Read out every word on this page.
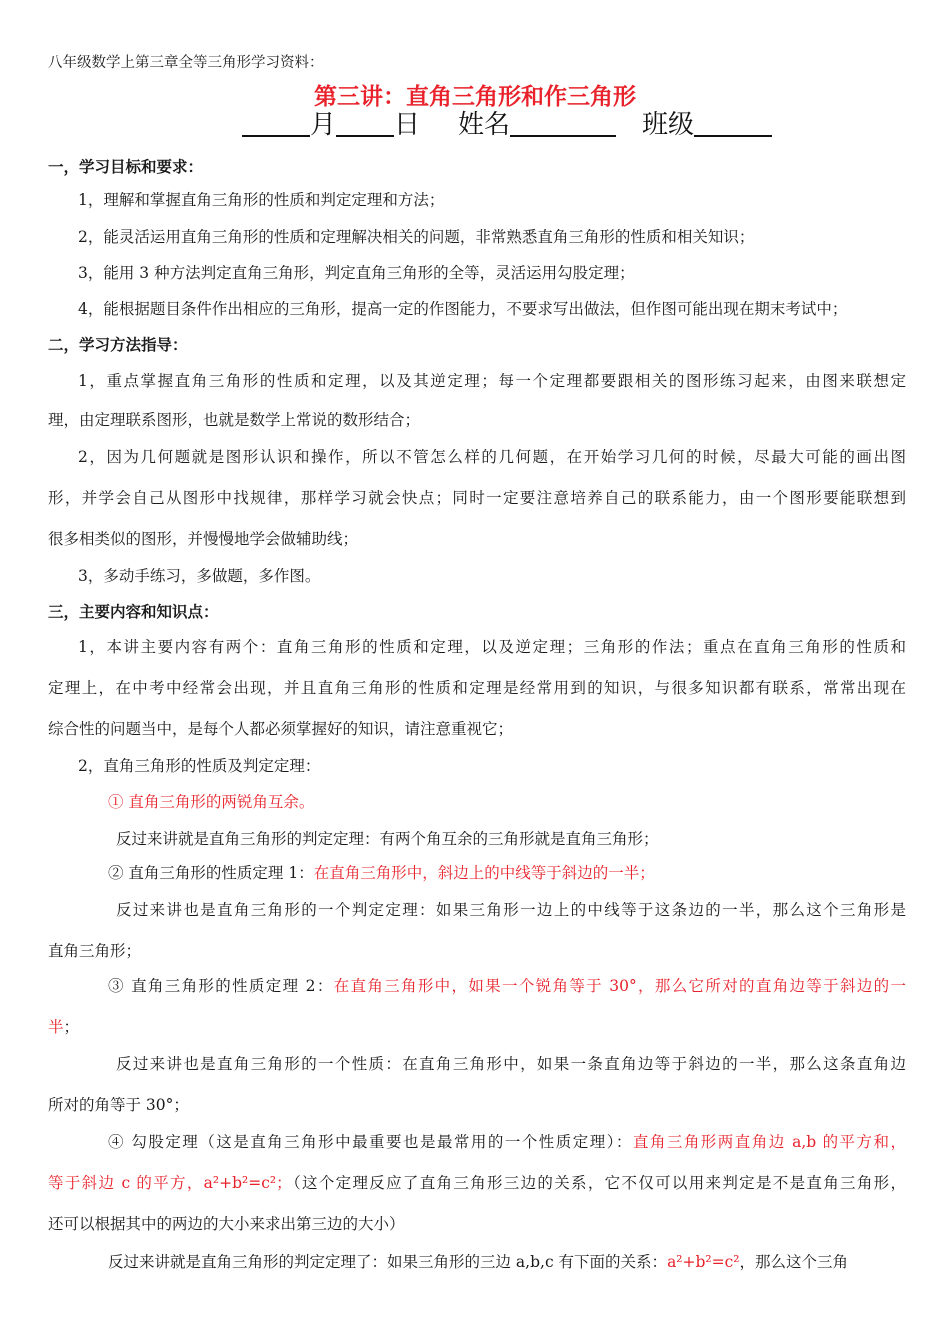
八年级数学上第三章全等三角形学习资料：
第三讲：直角三角形和作三角形
月 日 姓名	班级
一，学习目标和要求：
1，理解和掌握直角三角形的性质和判定定理和方法；
2，能灵活运用直角三角形的性质和定理解决相关的问题，非常熟悉直角三角形的性质和相关知识；
3，能用 3 种方法判定直角三角形，判定直角三角形的全等，灵活运用勾股定理；
4，能根据题目条件作出相应的三角形，提高一定的作图能力，不要求写出做法，但作图可能出现在期末考试中；
二，学习方法指导：
1，重点掌握直角三角形的性质和定理，以及其逆定理；每一个定理都要跟相关的图形练习起来，由图来联想定
理，由定理联系图形，也就是数学上常说的数形结合；
2，因为几何题就是图形认识和操作，所以不管怎么样的几何题，在开始学习几何的时候，尽最大可能的画出图
形，并学会自己从图形中找规律，那样学习就会快点；同时一定要注意培养自己的联系能力，由一个图形要能联想到
很多相类似的图形，并慢慢地学会做辅助线；
3，多动手练习，多做题，多作图。
三，主要内容和知识点：
1，本讲主要内容有两个：直角三角形的性质和定理，以及逆定理；三角形的作法；重点在直角三角形的性质和
定理上，在中考中经常会出现，并且直角三角形的性质和定理是经常用到的知识，与很多知识都有联系，常常出现在
综合性的问题当中，是每个人都必须掌握好的知识，请注意重视它；
2，直角三角形的性质及判定定理：
① 直角三角形的两锐角互余。
反过来讲就是直角三角形的判定定理：有两个角互余的三角形就是直角三角形；
② 直角三角形的性质定理 1：在直角三角形中，斜边上的中线等于斜边的一半；
反过来讲也是直角三角形的一个判定定理：如果三角形一边上的中线等于这条边的一半，那么这个三角形是
直角三角形；
③ 直角三角形的性质定理 2：在直角三角形中，如果一个锐角等于 30°，那么它所对的直角边等于斜边的一
半；
反过来讲也是直角三角形的一个性质：在直角三角形中，如果一条直角边等于斜边的一半，那么这条直角边
所对的角等于 30°；
④ 勾股定理（这是直角三角形中最重要也是最常用的一个性质定理）：直角三角形两直角边 a,b 的平方和，
等于斜边 c 的平方，a²+b²=c²；（这个定理反应了直角三角形三边的关系，它不仅可以用来判定是不是直角三角形，
还可以根据其中的两边的大小来求出第三边的大小）
反过来讲就是直角三角形的判定定理了：如果三角形的三边 a,b,c 有下面的关系：a²+b²=c²，那么这个三角
